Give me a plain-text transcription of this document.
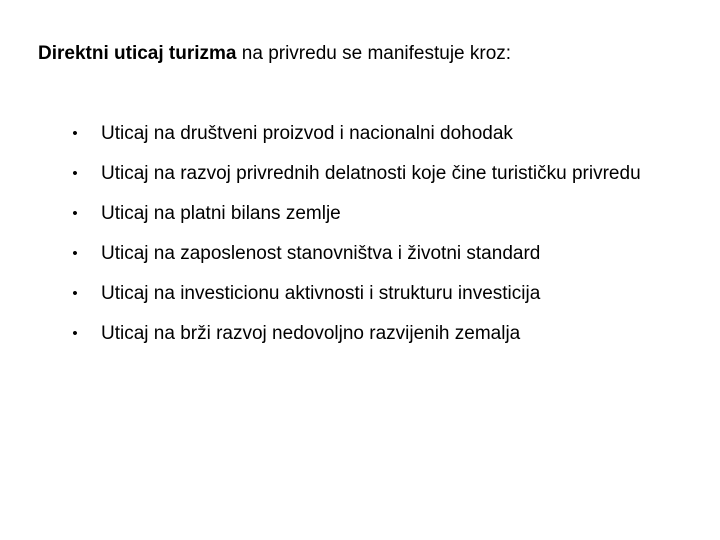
Direktni uticaj turizma na privredu se manifestuje kroz:
• Uticaj na društveni proizvod i nacionalni dohodak
• Uticaj na razvoj privrednih delatnosti koje čine turističku privredu
• Uticaj na platni bilans zemlje
• Uticaj na zaposlenost stanovništva i životni standard
• Uticaj na investicionu aktivnosti i strukturu investicija
• Uticaj na brži razvoj nedovoljno razvijenih zemalja
